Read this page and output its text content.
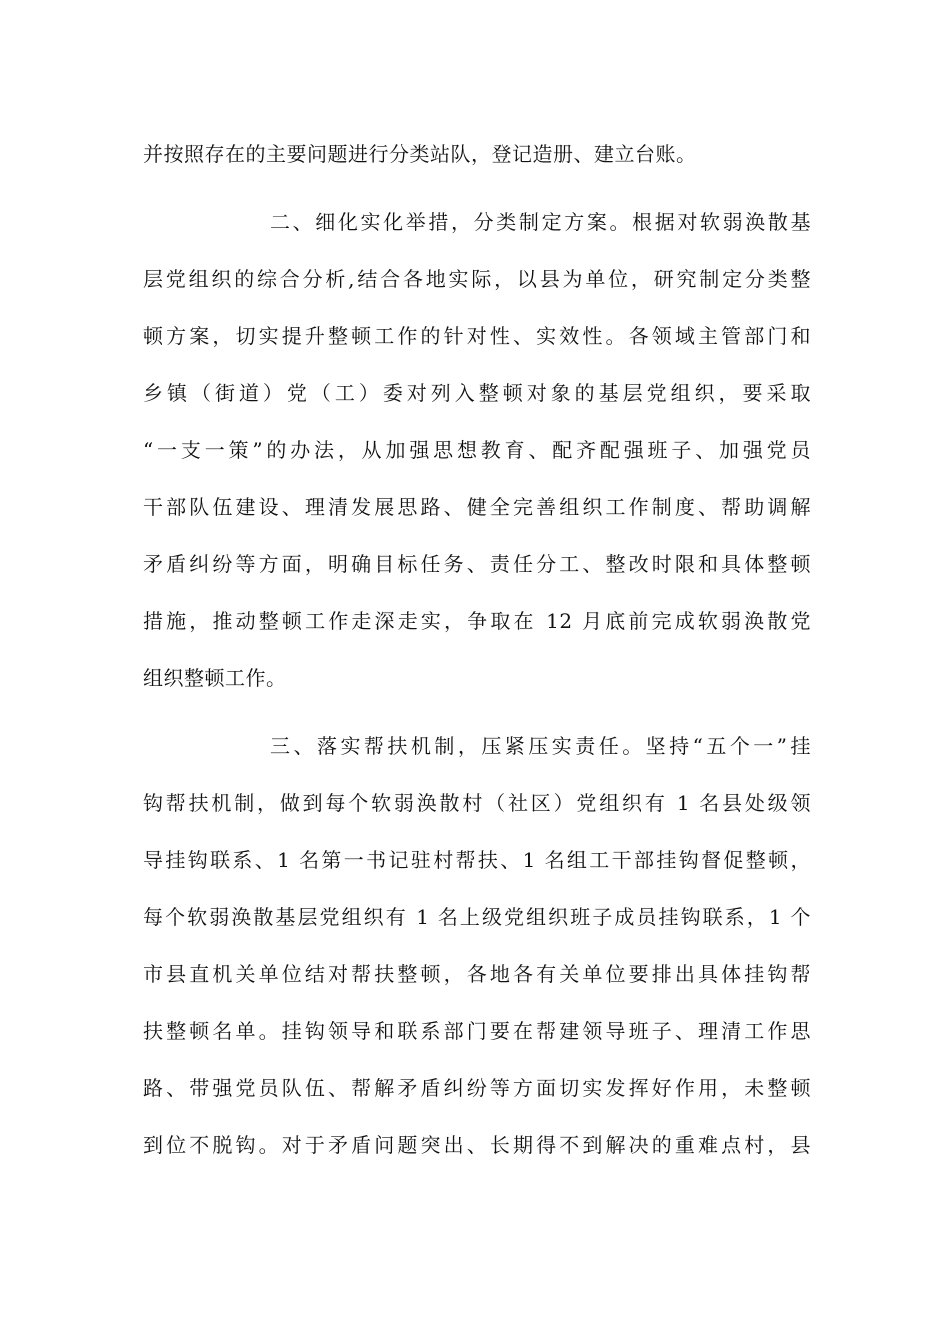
并按照存在的主要问题进行分类站队，登记造册、建立台账。
二、细化实化举措，分类制定方案。根据对软弱涣散基
层党组织的综合分析,结合各地实际，以县为单位，研究制定分类整
顿方案，切实提升整顿工作的针对性、实效性。各领域主管部门和
乡镇（街道）党（工）委对列入整顿对象的基层党组织，要采取
“一支一策”的办法，从加强思想教育、配齐配强班子、加强党员
干部队伍建设、理清发展思路、健全完善组织工作制度、帮助调解
矛盾纠纷等方面，明确目标任务、责任分工、整改时限和具体整顿
措施，推动整顿工作走深走实，争取在 12 月底前完成软弱涣散党
组织整顿工作。
三、落实帮扶机制，压紧压实责任。坚持“五个一”挂
钩帮扶机制，做到每个软弱涣散村（社区）党组织有 1 名县处级领
导挂钩联系、1 名第一书记驻村帮扶、1 名组工干部挂钩督促整顿，
每个软弱涣散基层党组织有 1 名上级党组织班子成员挂钩联系，1 个
市县直机关单位结对帮扶整顿，各地各有关单位要排出具体挂钩帮
扶整顿名单。挂钩领导和联系部门要在帮建领导班子、理清工作思
路、带强党员队伍、帮解矛盾纠纷等方面切实发挥好作用，未整顿
到位不脱钩。对于矛盾问题突出、长期得不到解决的重难点村，县
